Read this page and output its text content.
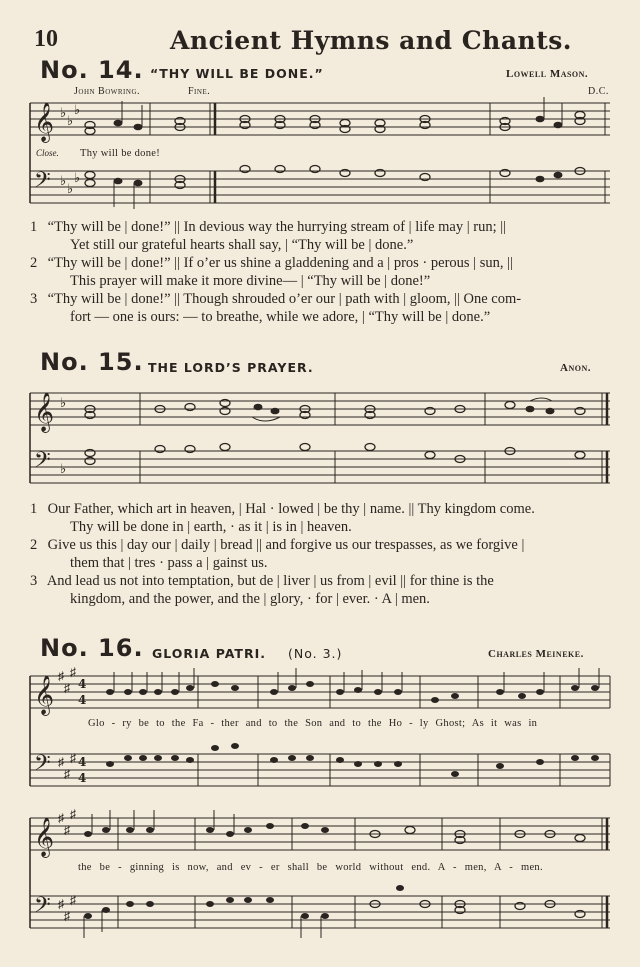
10	Ancient Hymns and Chants.
No. 14. “THY WILL BE DONE.”	Lowell Mason.
John Bowring.	Fine.	D.C.
𝄞
𝄢
♭
♭
♭
♭
♭
♭
Close. Thy will be done!
1 “Thy will be | done!” || In devious way the hurrying stream of | life may | run; ||
Yet still our grateful hearts shall say, | “Thy will be | done.”
2 “Thy will be | done!” || If o’er us shine a gladdening and a | pros · perous | sun, ||
This prayer will make it more divine— | “Thy will be | done!”
3 “Thy will be | done!” || Though shrouded o’er our | path with | gloom, || One com-
fort — one is ours: — to breathe, while we adore, | “Thy will be | done.”
No. 15. THE LORD’S PRAYER.	Anon.
𝄞
𝄢
♭
♭
1 Our Father, which art in heaven, | Hal · lowed | be thy | name. || Thy kingdom come.
Thy will be done in | earth, · as it | is in | heaven.
2 Give us this | day our | daily | bread || and forgive us our trespasses, as we forgive |
them that | tres · pass a | gainst us.
3 And lead us not into temptation, but de | liver | us from | evil || for thine is the
kingdom, and the power, and the | glory, · for | ever. · A | men.
No. 16. GLORIA PATRI. (No. 3.)	Charles Meineke.
𝄞
𝄢
♯
♯
♯
♯
♯
♯
4
4
4
4
Glo - ry be to the Fa - ther and to the Son and to the Ho - ly Ghost; As it was in
𝄞
𝄢
♯
♯
♯
♯
♯
♯
the be - ginning is now, and ev - er shall be world without end. A - men, A - men.
